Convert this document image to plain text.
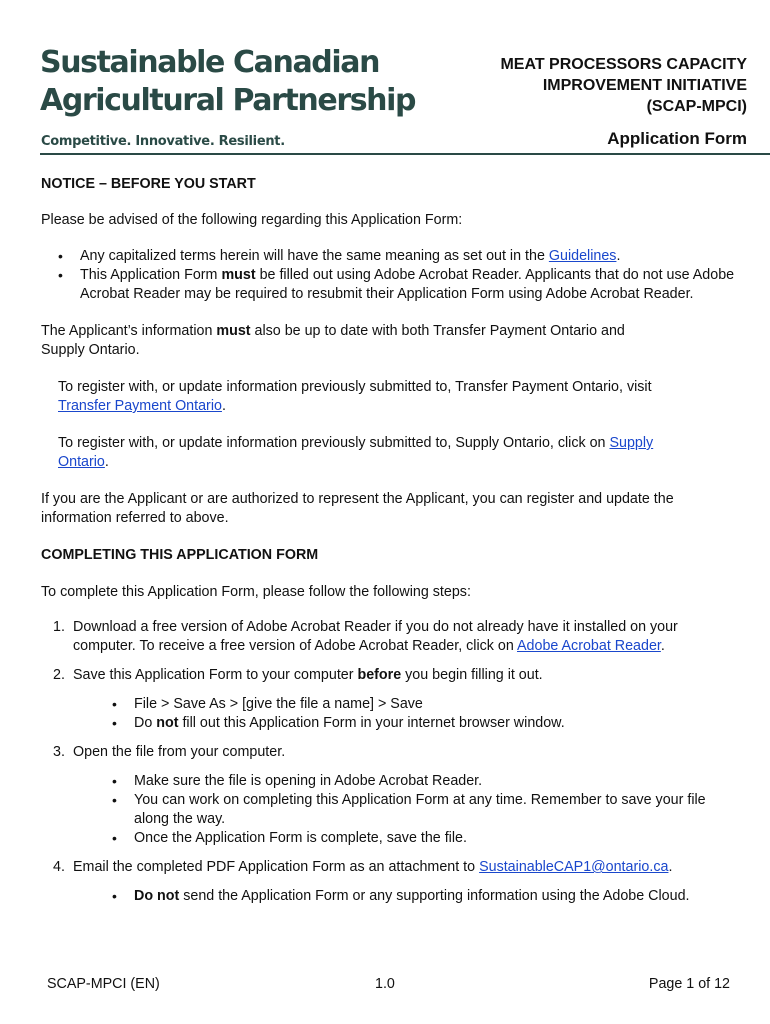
Sustainable Canadian
Agricultural Partnership
Competitive. Innovative. Resilient.
MEAT PROCESSORS CAPACITY
IMPROVEMENT INITIATIVE
(SCAP-MPCI)
Application Form

NOTICE – BEFORE YOU START

Please be advised of the following regarding this Application Form:

• Any capitalized terms herein will have the same meaning as set out in the Guidelines.
• This Application Form must be filled out using Adobe Acrobat Reader. Applicants that do not use Adobe Acrobat Reader may be required to resubmit their Application Form using Adobe Acrobat Reader.

The Applicant’s information must also be up to date with both Transfer Payment Ontario and Supply Ontario.

To register with, or update information previously submitted to, Transfer Payment Ontario, visit Transfer Payment Ontario.

To register with, or update information previously submitted to, Supply Ontario, click on Supply Ontario.

If you are the Applicant or are authorized to represent the Applicant, you can register and update the information referred to above.

COMPLETING THIS APPLICATION FORM

To complete this Application Form, please follow the following steps:

1. Download a free version of Adobe Acrobat Reader if you do not already have it installed on your computer. To receive a free version of Adobe Acrobat Reader, click on Adobe Acrobat Reader.
2. Save this Application Form to your computer before you begin filling it out.
• File > Save As > [give the file a name] > Save
• Do not fill out this Application Form in your internet browser window.
3. Open the file from your computer.
• Make sure the file is opening in Adobe Acrobat Reader.
• You can work on completing this Application Form at any time. Remember to save your file along the way.
• Once the Application Form is complete, save the file.
4. Email the completed PDF Application Form as an attachment to SustainableCAP1@ontario.ca.
• Do not send the Application Form or any supporting information using the Adobe Cloud.
SCAP-MPCI (EN)	1.0	Page 1 of 12
